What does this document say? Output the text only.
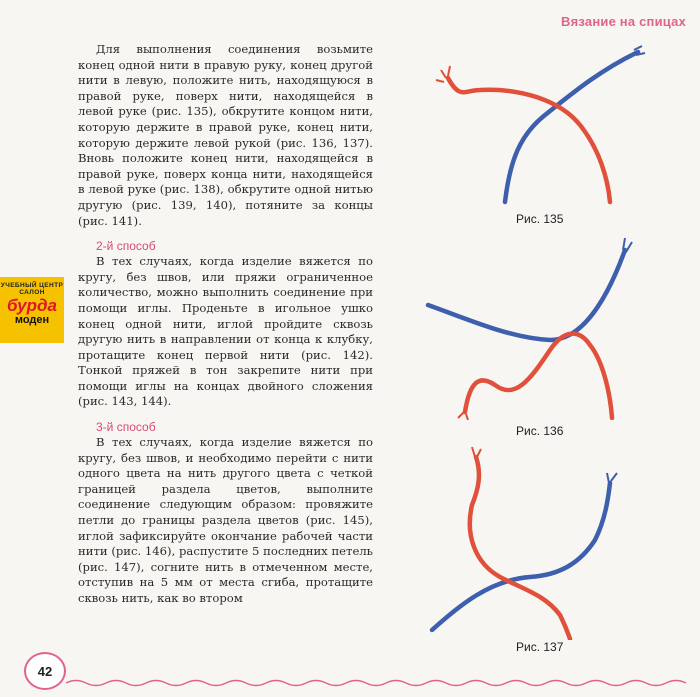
Вязание на спицах
УЧЕБНЫЙ ЦЕНТР
САЛОН
бурда
моден

Для выполнения соединения возьмите конец одной нити в правую руку, конец другой нити в левую, положите нить, находящуюся в правой руке, поверх нити, находящейся в левой руке (рис. 135), обкрутите концом нити, которую держите в правой руке, конец нити, которую держите левой рукой (рис. 136, 137). Вновь положите конец нити, находящейся в правой руке, поверх конца нити, находящейся в левой руке (рис. 138), обкрутите одной нитью другую (рис. 139, 140), потяните за концы (рис. 141).

2-й способ

В тех случаях, когда изделие вяжется по кругу, без швов, или пряжи ограниченное количество, можно выполнить соединение при помощи иглы. Проденьте в игольное ушко конец одной нити, иглой пройдите сквозь другую нить в направлении от конца к клубку, протащите конец первой нити (рис. 142). Тонкой пряжей в тон закрепите нити при помощи иглы на концах двойного сложения (рис. 143, 144).

3-й способ

В тех случаях, когда изделие вяжется по кругу, без швов, и необходимо перейти с нити одного цвета на нить другого цвета с четкой границей раздела цветов, выполните соединение следующим образом: провяжите петли до границы раздела цветов (рис. 145), иглой зафиксируйте окончание рабочей части нити (рис. 146), распустите 5 последних петель (рис. 147), согните нить в отмеченном месте, отступив на 5 мм от места сгиба, протащите сквозь нить, как во втором

Рис. 135
Рис. 136
Рис. 137
42
